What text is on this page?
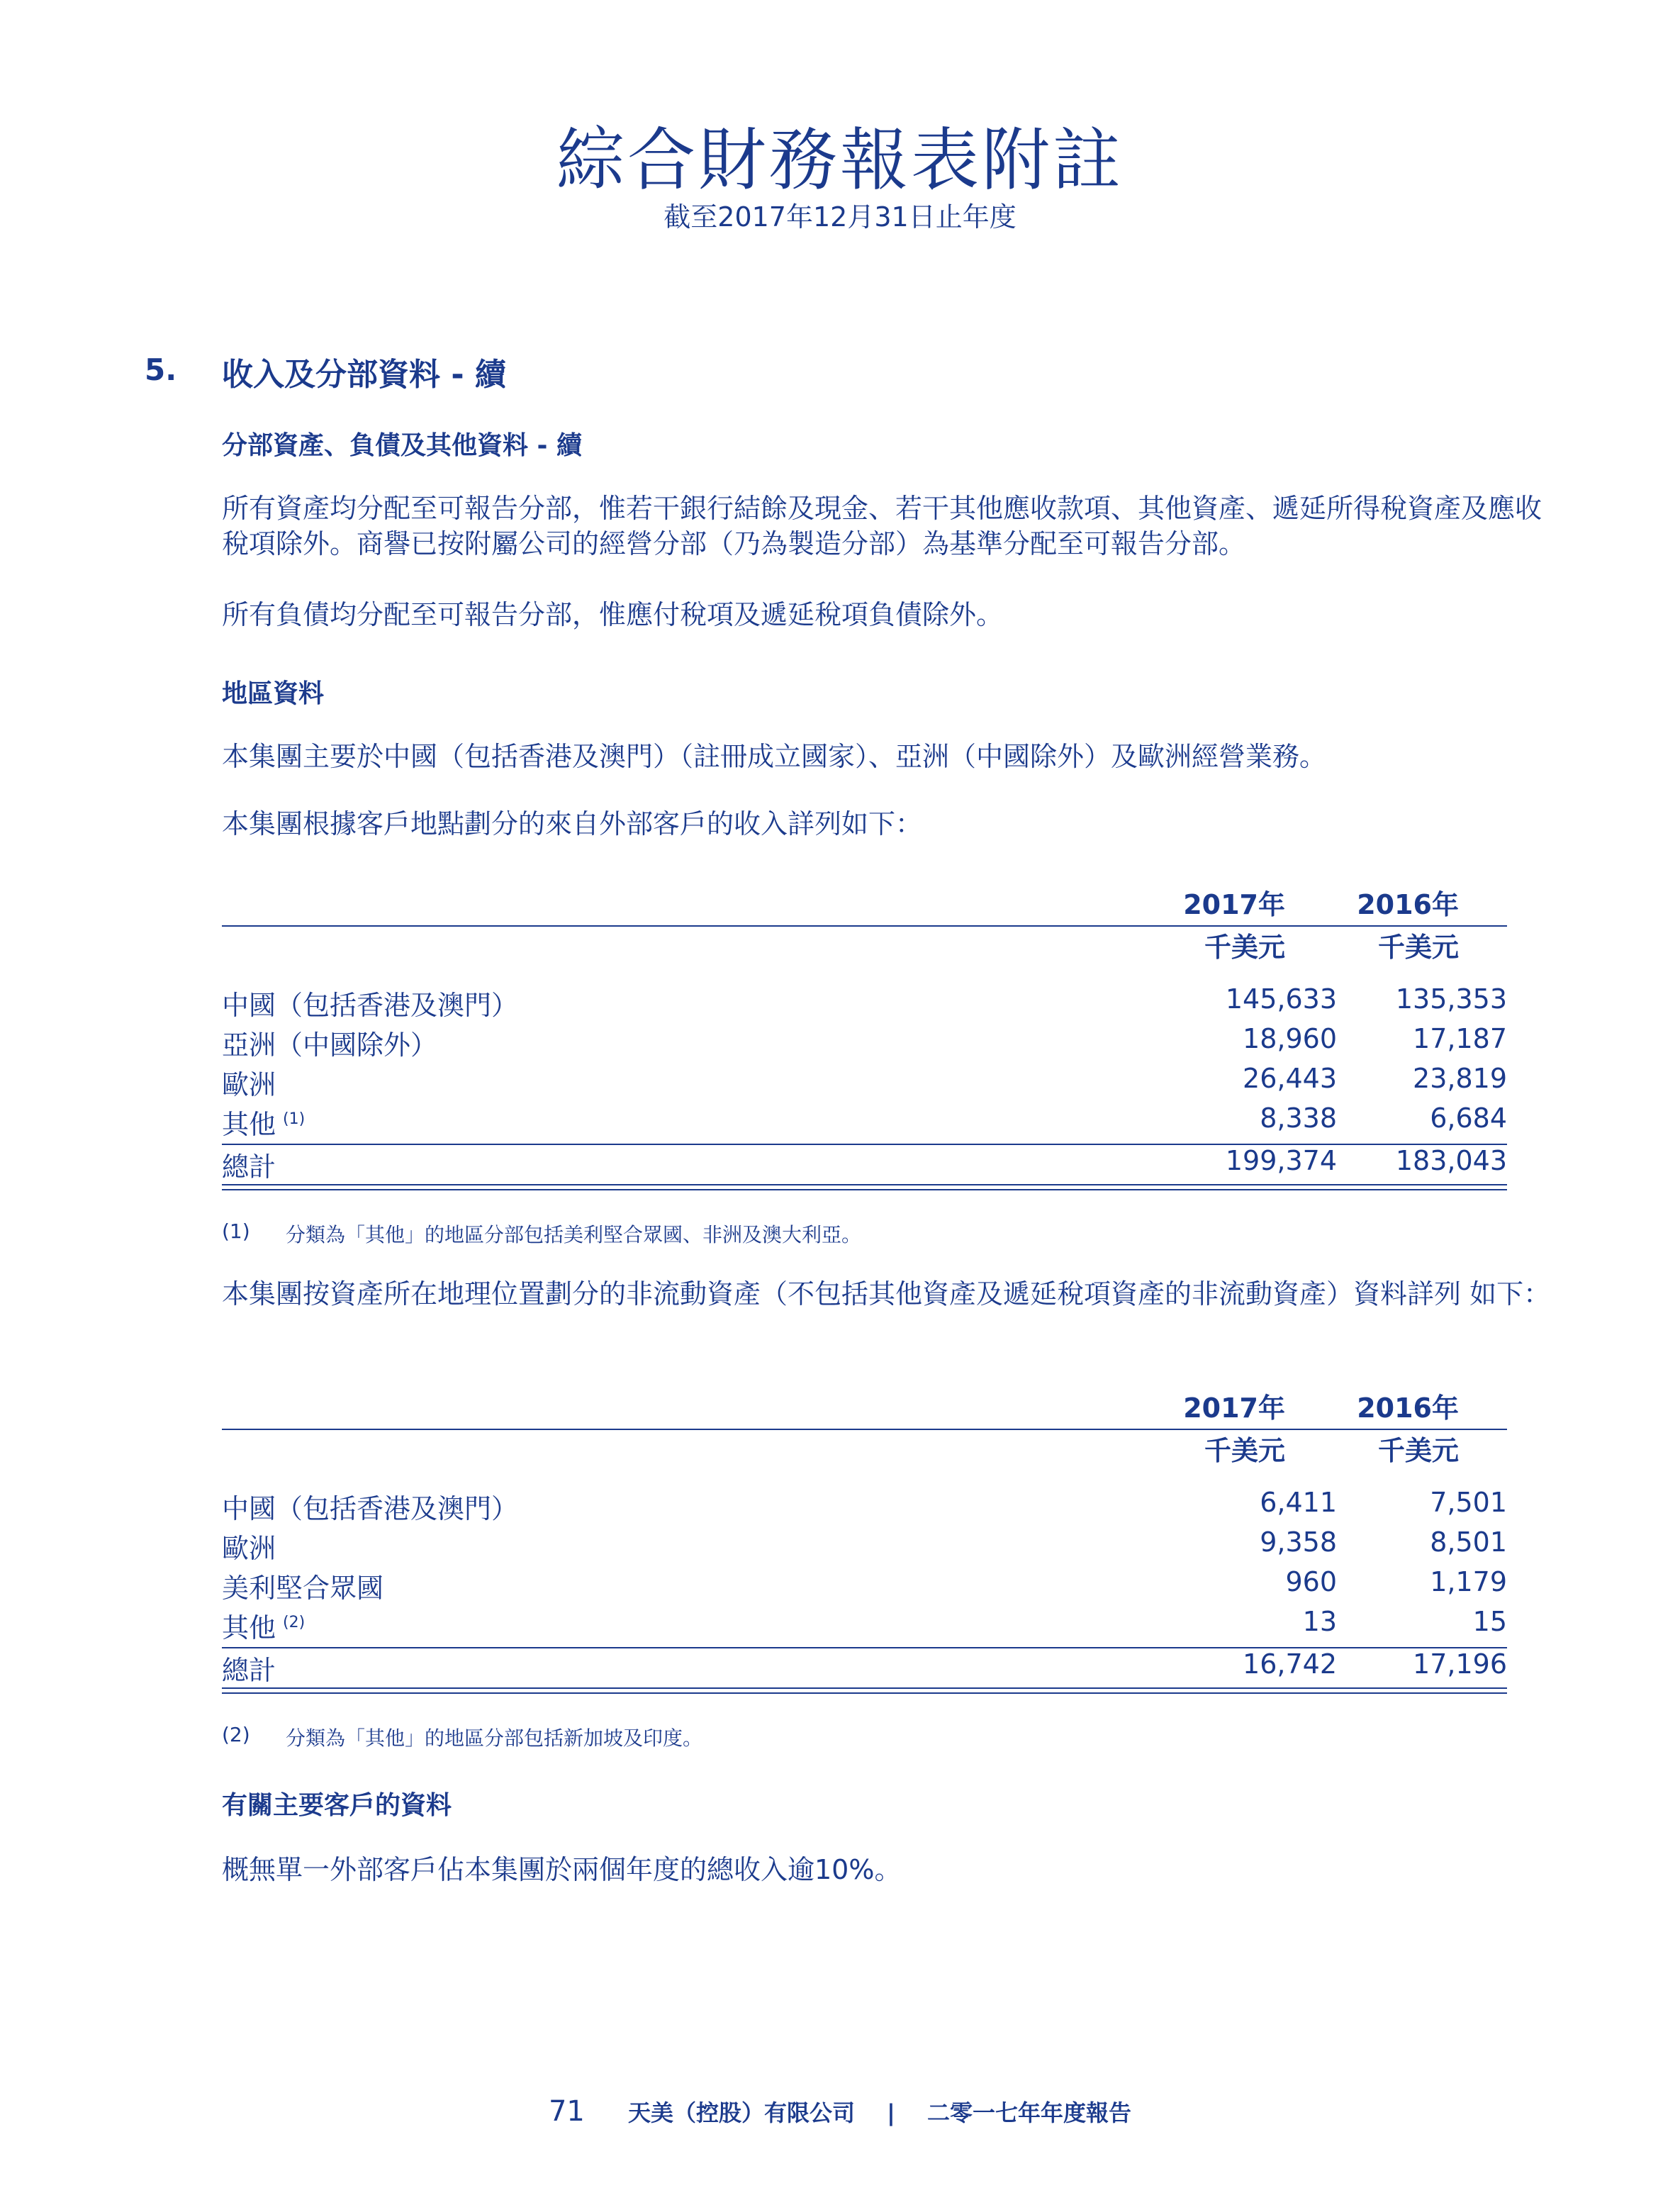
綜合財務報表附註
截至2017年12月31日止年度
5. 收入及分部資料 - 續
分部資產、負債及其他資料 - 續
所有資產均分配至可報告分部，惟若干銀行結餘及現金、若干其他應收款項、其他資產、遞延所得稅資產及應收稅項除外。商譽已按附屬公司的經營分部（乃為製造分部）為基準分配至可報告分部。
所有負債均分配至可報告分部，惟應付稅項及遞延稅項負債除外。
地區資料
本集團主要於中國（包括香港及澳門）（註冊成立國家）、亞洲（中國除外）及歐洲經營業務。
本集團根據客戶地點劃分的來自外部客戶的收入詳列如下：
2017年	2016年
千美元	千美元
中國（包括香港及澳門）	145,633	135,353
亞洲（中國除外）	18,960	17,187
歐洲	26,443	23,819
其他 $^{(1)}$	8,338	6,684
總計	199,374	183,043
(1) 分類為「其他」的地區分部包括美利堅合眾國、非洲及澳大利亞。
本集團按資產所在地理位置劃分的非流動資產（不包括其他資產及遞延稅項資產的非流動資產）資料詳列 如下：
2017年	2016年
千美元	千美元
中國（包括香港及澳門）	6,411	7,501
歐洲	9,358	8,501
美利堅合眾國	960	1,179
其他 $^{(2)}$	13	15
總計	16,742	17,196
(2) 分類為「其他」的地區分部包括新加坡及印度。
有關主要客戶的資料
概無單一外部客戶佔本集團於兩個年度的總收入逾10%。
71 天美（控股）有限公司 | 二零一七年年度報告
